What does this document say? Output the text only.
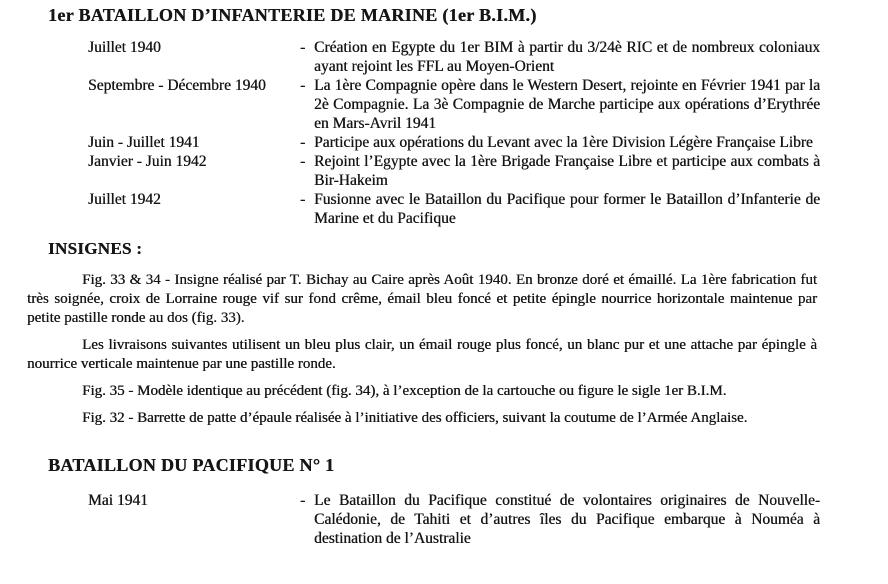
1er BATAILLON D’INFANTERIE DE MARINE (1er B.I.M.)
Juillet 1940	- Création en Egypte du 1er BIM à partir du 3/24è RIC et de nombreux coloniaux ayant rejoint les FFL au Moyen-Orient
Septembre - Décembre 1940	- La 1ère Compagnie opère dans le Western Desert, rejointe en Février 1941 par la 2è Compagnie. La 3è Compagnie de Marche participe aux opérations d’Erythrée en Mars-Avril 1941
Juin - Juillet 1941	- Participe aux opérations du Levant avec la 1ère Division Légère Française Libre
Janvier - Juin 1942	- Rejoint l’Egypte avec la 1ère Brigade Française Libre et participe aux combats à Bir-Hakeim
Juillet 1942	- Fusionne avec le Bataillon du Pacifique pour former le Bataillon d’Infanterie de Marine et du Pacifique
INSIGNES :

Fig. 33 & 34 - Insigne réalisé par T. Bichay au Caire après Août 1940. En bronze doré et émaillé. La 1ère fabrication fut très soignée, croix de Lorraine rouge vif sur fond crême, émail bleu foncé et petite épingle nourrice horizontale maintenue par petite pastille ronde au dos (fig. 33).

Les livraisons suivantes utilisent un bleu plus clair, un émail rouge plus foncé, un blanc pur et une attache par épingle à nourrice verticale maintenue par une pastille ronde.

Fig. 35 - Modèle identique au précédent (fig. 34), à l’exception de la cartouche ou figure le sigle 1er B.I.M.

Fig. 32 - Barrette de patte d’épaule réalisée à l’initiative des officiers, suivant la coutume de l’Armée Anglaise.

BATAILLON DU PACIFIQUE N° 1
Mai 1941	- Le Bataillon du Pacifique constitué de volontaires originaires de Nouvelle-Calédonie, de Tahiti et d’autres îles du Pacifique embarque à Nouméa à destination de l’Australie
